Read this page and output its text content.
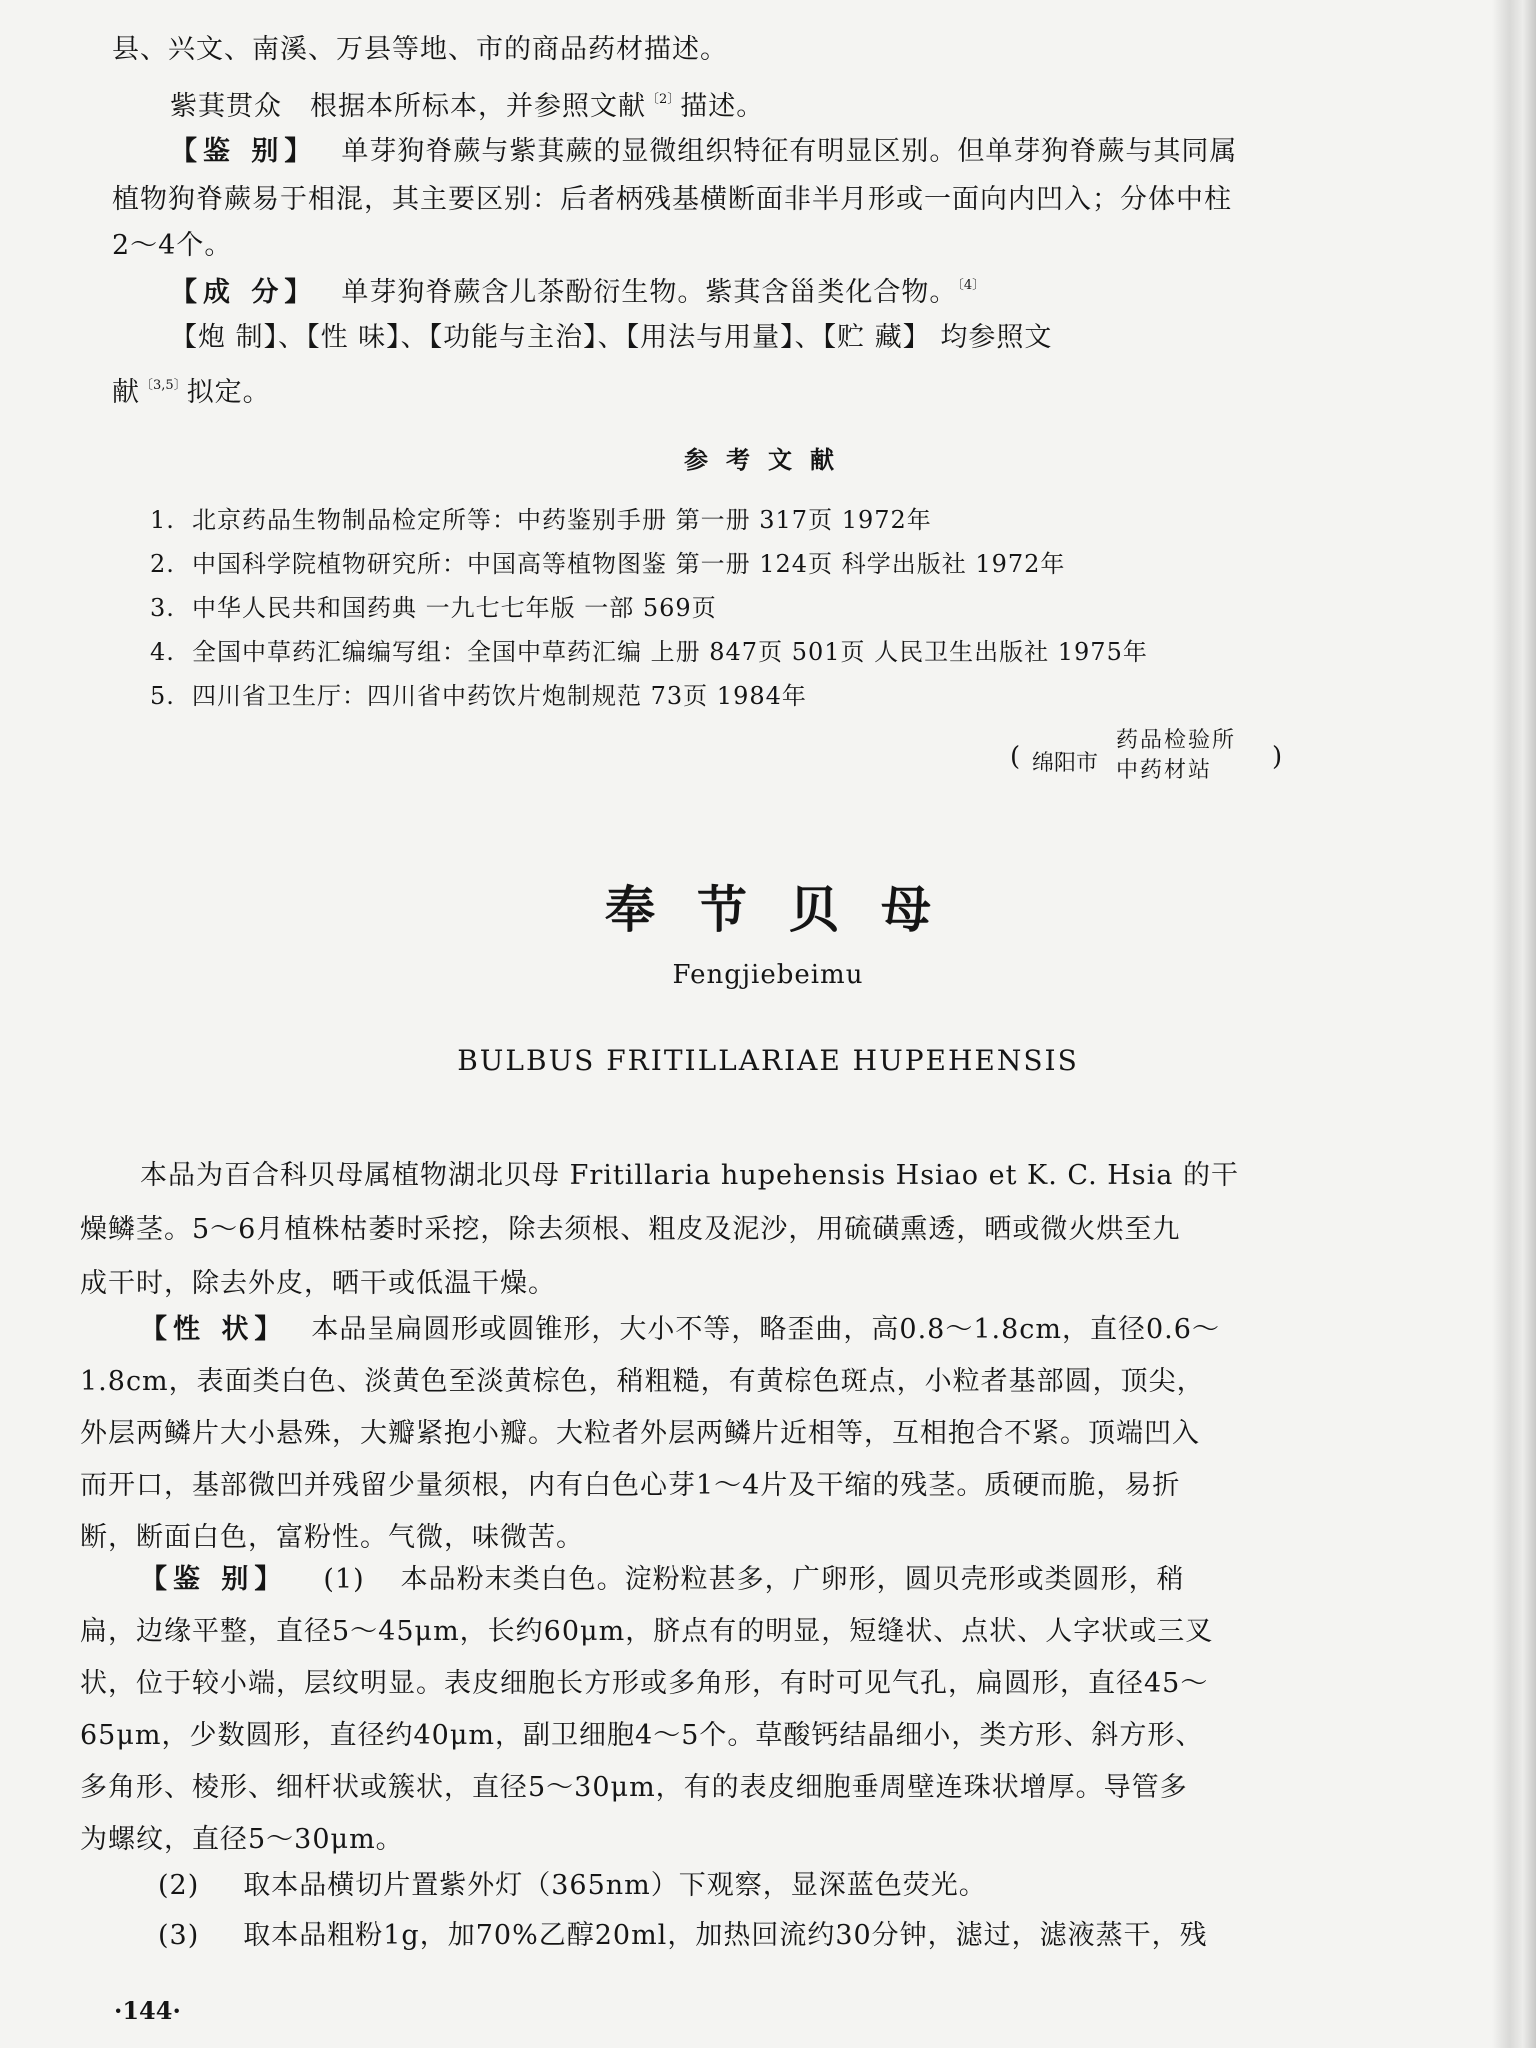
县、兴文、南溪、万县等地、市的商品药材描述。
紫萁贯众 根据本所标本，并参照文献$^{〔2〕}$描述。
【鉴 别】 单芽狗脊蕨与紫萁蕨的显微组织特征有明显区别。但单芽狗脊蕨与其同属
植物狗脊蕨易于相混，其主要区别：后者柄残基横断面非半月形或一面向内凹入；分体中柱
2～4个。
【成 分】 单芽狗脊蕨含儿茶酚衍生物。紫萁含甾类化合物。$^{〔4〕}$
【炮 制】、【性 味】、【功能与主治】、【用法与用量】、【贮 藏】 均参照文
献$^{〔3,5〕}$拟定。
参考文献
1. 北京药品生物制品检定所等：中药鉴别手册 第一册 317页 1972年
2. 中国科学院植物研究所：中国高等植物图鉴 第一册 124页 科学出版社 1972年
3. 中华人民共和国药典 一九七七年版 一部 569页
4. 全国中草药汇编编写组：全国中草药汇编 上册 847页 501页 人民卫生出版社 1975年
5. 四川省卫生厅：四川省中药饮片炮制规范 73页 1984年
( 绵阳市
药品检验所
中药材站	)
奉节贝母
Fengjiebeimu
BULBUS FRITILLARIAE HUPEHENSIS
本品为百合科贝母属植物湖北贝母 Fritillaria hupehensis Hsiao et K. C. Hsia 的干
燥鳞茎。5～6月植株枯萎时采挖，除去须根、粗皮及泥沙，用硫磺熏透，晒或微火烘至九
成干时，除去外皮，晒干或低温干燥。
【性 状】 本品呈扁圆形或圆锥形，大小不等，略歪曲，高0.8～1.8cm，直径0.6～
1.8cm，表面类白色、淡黄色至淡黄棕色，稍粗糙，有黄棕色斑点，小粒者基部圆，顶尖，
外层两鳞片大小悬殊，大瓣紧抱小瓣。大粒者外层两鳞片近相等，互相抱合不紧。顶端凹入
而开口，基部微凹并残留少量须根，内有白色心芽1～4片及干缩的残茎。质硬而脆，易折
断，断面白色，富粉性。气微，味微苦。
【鉴 别】 (1) 本品粉末类白色。淀粉粒甚多，广卵形，圆贝壳形或类圆形，稍
扁，边缘平整，直径5～45μm，长约60μm，脐点有的明显，短缝状、点状、人字状或三叉
状，位于较小端，层纹明显。表皮细胞长方形或多角形，有时可见气孔，扁圆形，直径45～
65μm，少数圆形，直径约40μm，副卫细胞4～5个。草酸钙结晶细小，类方形、斜方形、
多角形、棱形、细杆状或簇状，直径5～30μm，有的表皮细胞垂周壁连珠状增厚。导管多
为螺纹，直径5～30μm。
(2) 取本品横切片置紫外灯（365nm）下观察，显深蓝色荧光。
(3) 取本品粗粉1g，加70%乙醇20ml，加热回流约30分钟，滤过，滤液蒸干，残
·144·
